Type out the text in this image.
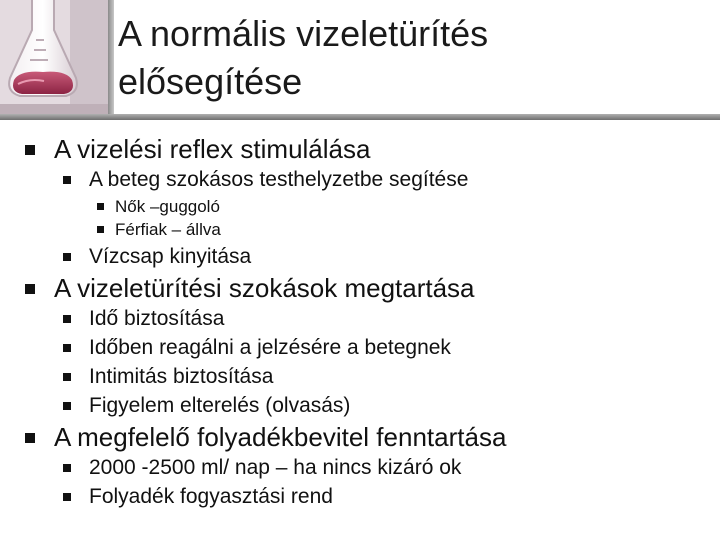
A normális vizeletürítés
elősegítése
A vizelési reflex stimulálása
A beteg szokásos testhelyzetbe segítése
Nők –guggoló
Férfiak – állva
Vízcsap kinyitása
A vizeletürítési szokások megtartása
Idő biztosítása
Időben reagálni a jelzésére a betegnek
Intimitás biztosítása
Figyelem elterelés (olvasás)
A megfelelő folyadékbevitel fenntartása
2000 -2500 ml/ nap – ha nincs kizáró ok
Folyadék fogyasztási rend
